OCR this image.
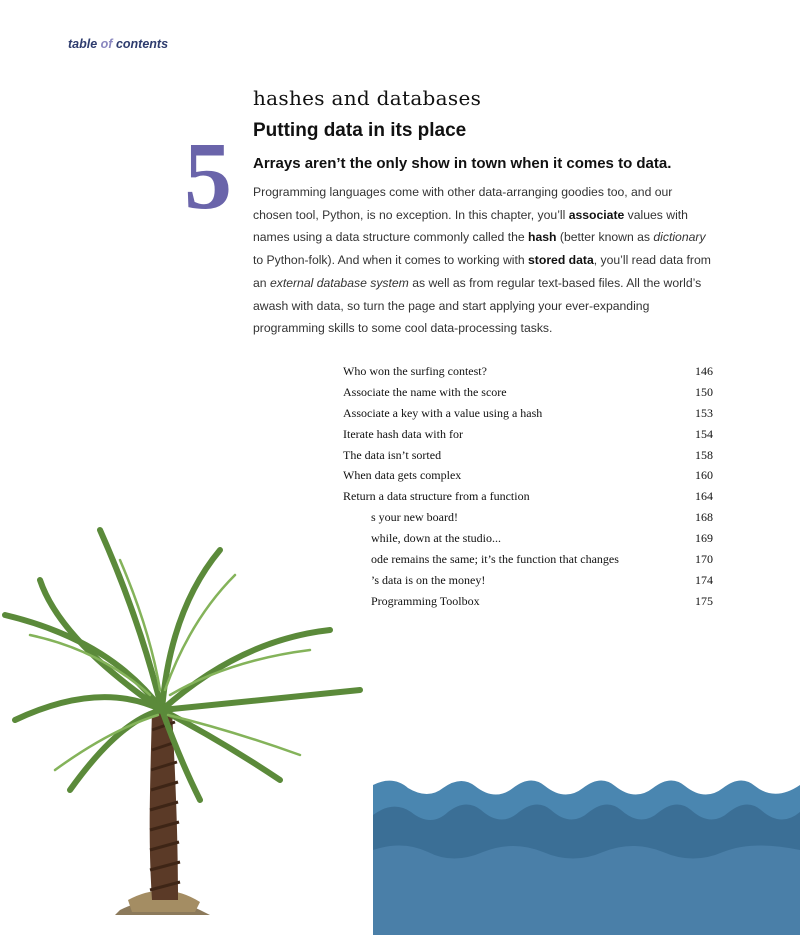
table of contents
5
hashes and databases
Putting data in its place
Arrays aren’t the only show in town when it comes to data.

Programming languages come with other data-arranging goodies too, and our chosen tool, Python, is no exception. In this chapter, you’ll associate values with names using a data structure commonly called the hash (better known as dictionary to Python-folk). And when it comes to working with stored data, you’ll read data from an external database system as well as from regular text-based files. All the world’s awash with data, so turn the page and start applying your ever-expanding programming skills to some cool data-processing tasks.

Who won the surfing contest?	146
Associate the name with the score	150
Associate a key with a value using a hash	153
Iterate hash data with for	154
The data isn’t sorted	158
When data gets complex	160
Return a data structure from a function	164
s your new board!	168
while, down at the studio...	169
ode remains the same; it’s the function that changes	170
’s data is on the money!	174
Programming Toolbox	175
